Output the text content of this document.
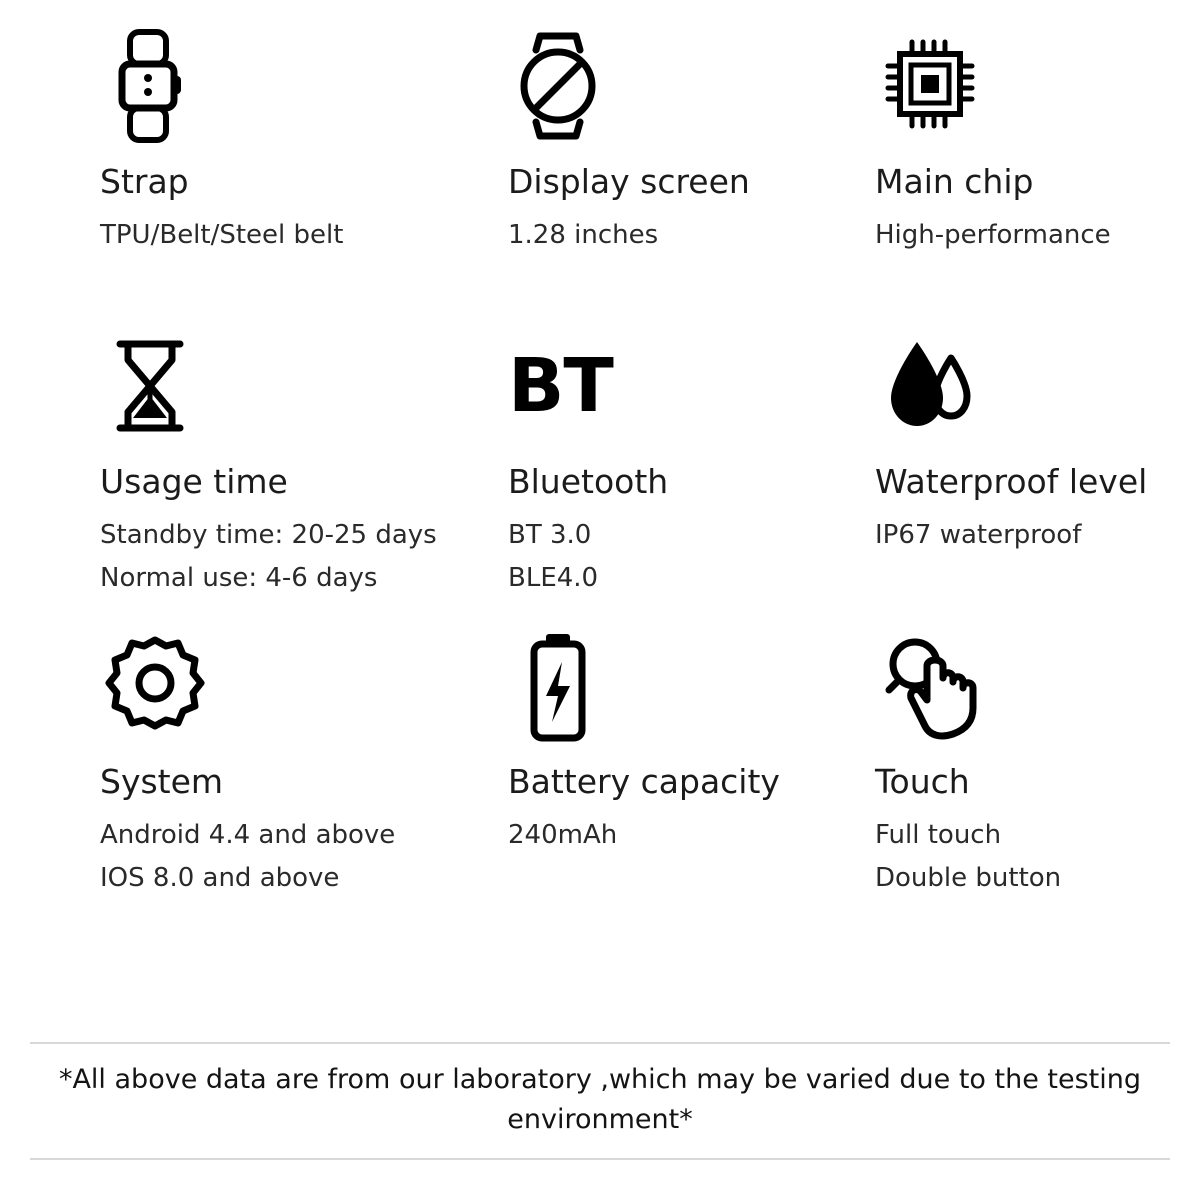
Strap
TPU/Belt/Steel belt
Display screen
1.28 inches
Main chip
High-performance
Usage time
Standby time: 20-25 days
Normal use: 4-6 days
BT
Bluetooth
BT 3.0
BLE4.0
Waterproof level
IP67 waterproof
System
Android 4.4 and above
IOS 8.0 and above
Battery capacity
240mAh
Touch
Full touch
Double button
*All above data are from our laboratory ,which may be varied due to the testing environment*
